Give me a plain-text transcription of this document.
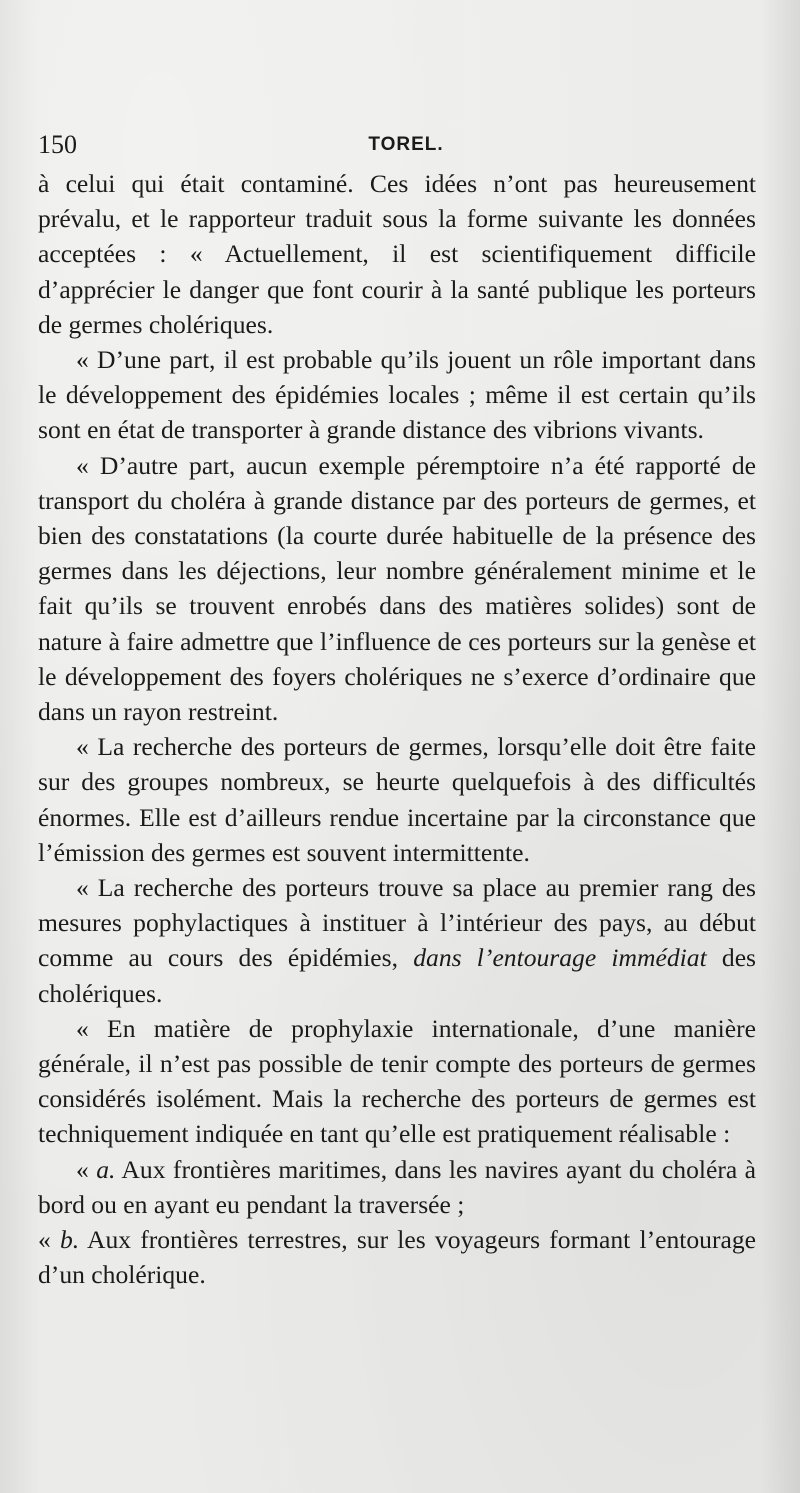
150	TOREL.

à celui qui était contaminé. Ces idées n’ont pas heureusement prévalu, et le rapporteur traduit sous la forme suivante les données acceptées : « Actuellement, il est scientifiquement difficile d’apprécier le danger que font courir à la santé publique les porteurs de germes cholériques.

« D’une part, il est probable qu’ils jouent un rôle important dans le développement des épidémies locales ; même il est certain qu’ils sont en état de transporter à grande distance des vibrions vivants.

« D’autre part, aucun exemple péremptoire n’a été rapporté de transport du choléra à grande distance par des porteurs de germes, et bien des constatations (la courte durée habituelle de la présence des germes dans les déjections, leur nombre généralement minime et le fait qu’ils se trouvent enrobés dans des matières solides) sont de nature à faire admettre que l’influence de ces porteurs sur la genèse et le développement des foyers cholériques ne s’exerce d’ordinaire que dans un rayon restreint.

« La recherche des porteurs de germes, lorsqu’elle doit être faite sur des groupes nombreux, se heurte quelquefois à des difficultés énormes. Elle est d’ailleurs rendue incertaine par la circonstance que l’émission des germes est souvent intermittente.

« La recherche des porteurs trouve sa place au premier rang des mesures pophylactiques à instituer à l’intérieur des pays, au début comme au cours des épidémies, dans l’entourage immédiat des cholériques.

« En matière de prophylaxie internationale, d’une manière générale, il n’est pas possible de tenir compte des porteurs de germes considérés isolément. Mais la recherche des porteurs de germes est techniquement indiquée en tant qu’elle est pratiquement réalisable :

« a. Aux frontières maritimes, dans les navires ayant du choléra à bord ou en ayant eu pendant la traversée ;

« b. Aux frontières terrestres, sur les voyageurs formant l’entourage d’un cholérique.
